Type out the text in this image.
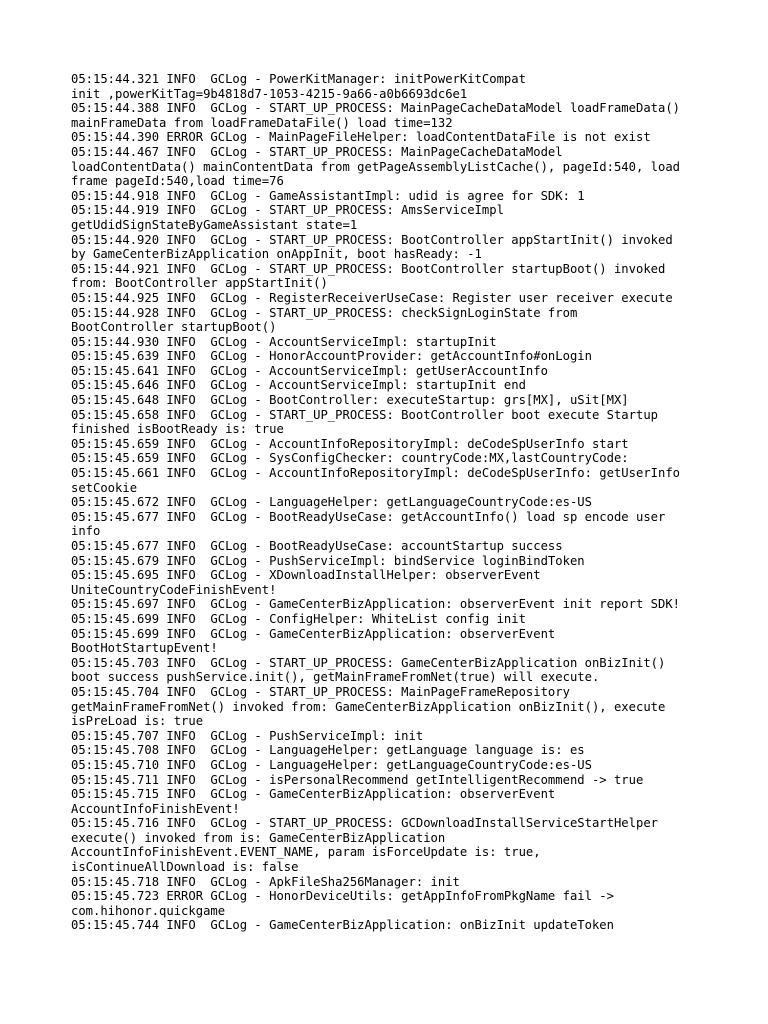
05:15:44.321 INFO  GCLog - PowerKitManager: initPowerKitCompat
init ,powerKitTag=9b4818d7-1053-4215-9a66-a0b6693dc6e1
05:15:44.388 INFO  GCLog - START_UP_PROCESS: MainPageCacheDataModel loadFrameData()
mainFrameData from loadFrameDataFile() load time=132
05:15:44.390 ERROR GCLog - MainPageFileHelper: loadContentDataFile is not exist
05:15:44.467 INFO  GCLog - START_UP_PROCESS: MainPageCacheDataModel
loadContentData() mainContentData from getPageAssemblyListCache(), pageId:540, load
frame pageId:540,load time=76
05:15:44.918 INFO  GCLog - GameAssistantImpl: udid is agree for SDK: 1
05:15:44.919 INFO  GCLog - START_UP_PROCESS: AmsServiceImpl
getUdidSignStateByGameAssistant state=1
05:15:44.920 INFO  GCLog - START_UP_PROCESS: BootController appStartInit() invoked
by GameCenterBizApplication onAppInit, boot hasReady: -1
05:15:44.921 INFO  GCLog - START_UP_PROCESS: BootController startupBoot() invoked
from: BootController appStartInit()
05:15:44.925 INFO  GCLog - RegisterReceiverUseCase: Register user receiver execute
05:15:44.928 INFO  GCLog - START_UP_PROCESS: checkSignLoginState from
BootController startupBoot()
05:15:44.930 INFO  GCLog - AccountServiceImpl: startupInit
05:15:45.639 INFO  GCLog - HonorAccountProvider: getAccountInfo#onLogin
05:15:45.641 INFO  GCLog - AccountServiceImpl: getUserAccountInfo
05:15:45.646 INFO  GCLog - AccountServiceImpl: startupInit end
05:15:45.648 INFO  GCLog - BootController: executeStartup: grs[MX], uSit[MX]
05:15:45.658 INFO  GCLog - START_UP_PROCESS: BootController boot execute Startup
finished isBootReady is: true
05:15:45.659 INFO  GCLog - AccountInfoRepositoryImpl: deCodeSpUserInfo start
05:15:45.659 INFO  GCLog - SysConfigChecker: countryCode:MX,lastCountryCode:
05:15:45.661 INFO  GCLog - AccountInfoRepositoryImpl: deCodeSpUserInfo: getUserInfo
setCookie
05:15:45.672 INFO  GCLog - LanguageHelper: getLanguageCountryCode:es-US
05:15:45.677 INFO  GCLog - BootReadyUseCase: getAccountInfo() load sp encode user
info
05:15:45.677 INFO  GCLog - BootReadyUseCase: accountStartup success
05:15:45.679 INFO  GCLog - PushServiceImpl: bindService loginBindToken
05:15:45.695 INFO  GCLog - XDownloadInstallHelper: observerEvent
UniteCountryCodeFinishEvent!
05:15:45.697 INFO  GCLog - GameCenterBizApplication: observerEvent init report SDK!
05:15:45.699 INFO  GCLog - ConfigHelper: WhiteList config init
05:15:45.699 INFO  GCLog - GameCenterBizApplication: observerEvent
BootHotStartupEvent!
05:15:45.703 INFO  GCLog - START_UP_PROCESS: GameCenterBizApplication onBizInit()
boot success pushService.init(), getMainFrameFromNet(true) will execute.
05:15:45.704 INFO  GCLog - START_UP_PROCESS: MainPageFrameRepository
getMainFrameFromNet() invoked from: GameCenterBizApplication onBizInit(), execute
isPreLoad is: true
05:15:45.707 INFO  GCLog - PushServiceImpl: init
05:15:45.708 INFO  GCLog - LanguageHelper: getLanguage language is: es
05:15:45.710 INFO  GCLog - LanguageHelper: getLanguageCountryCode:es-US
05:15:45.711 INFO  GCLog - isPersonalRecommend getIntelligentRecommend -> true
05:15:45.715 INFO  GCLog - GameCenterBizApplication: observerEvent
AccountInfoFinishEvent!
05:15:45.716 INFO  GCLog - START_UP_PROCESS: GCDownloadInstallServiceStartHelper
execute() invoked from is: GameCenterBizApplication
AccountInfoFinishEvent.EVENT_NAME, param isForceUpdate is: true,
isContinueAllDownload is: false
05:15:45.718 INFO  GCLog - ApkFileSha256Manager: init
05:15:45.723 ERROR GCLog - HonorDeviceUtils: getAppInfoFromPkgName fail ->
com.hihonor.quickgame
05:15:45.744 INFO  GCLog - GameCenterBizApplication: onBizInit updateToken
